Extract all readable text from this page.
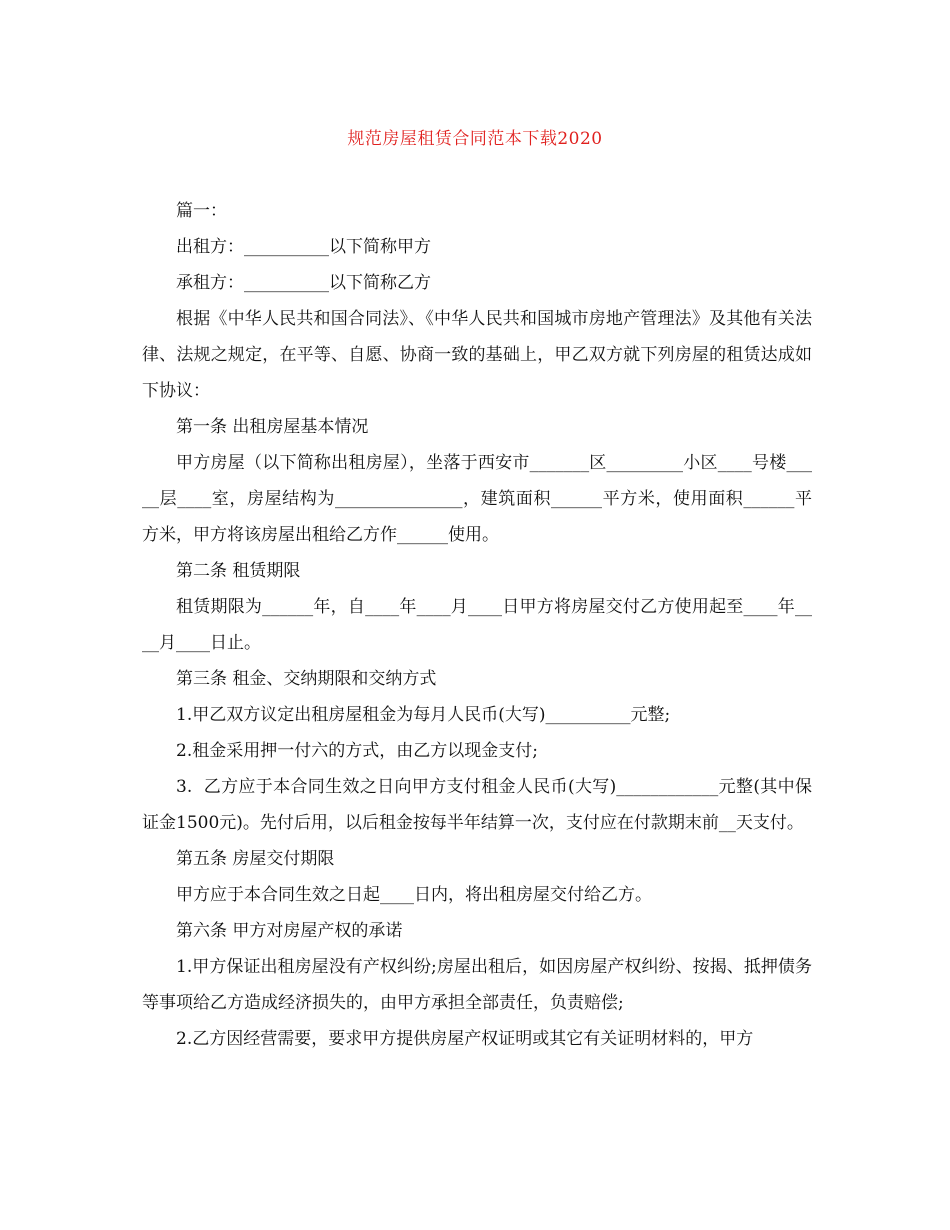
规范房屋租赁合同范本下载2020

篇一：

出租方：__________以下简称甲方

承租方：__________以下简称乙方

根据《中华人民共和国合同法》、《中华人民共和国城市房地产管理法》及其他有关法律、法规之规定，在平等、自愿、协商一致的基础上，甲乙双方就下列房屋的租赁达成如下协议：

第一条 出租房屋基本情况

甲方房屋（以下简称出租房屋），坐落于西安市_______区_________小区____号楼_____层____室，房屋结构为_______________，建筑面积______平方米，使用面积______平方米，甲方将该房屋出租给乙方作______使用。

第二条 租赁期限

租赁期限为______年，自____年____月____日甲方将房屋交付乙方使用起至____年____月____日止。

第三条 租金、交纳期限和交纳方式

1.甲乙双方议定出租房屋租金为每月人民币(大写)__________元整;

2.租金采用押一付六的方式，由乙方以现金支付;

3.  乙方应于本合同生效之日向甲方支付租金人民币(大写)____________元整(其中保证金1500元)。先付后用，以后租金按每半年结算一次，支付应在付款期末前__天支付。

第五条 房屋交付期限

甲方应于本合同生效之日起____日内，将出租房屋交付给乙方。

第六条 甲方对房屋产权的承诺

1.甲方保证出租房屋没有产权纠纷;房屋出租后，如因房屋产权纠纷、按揭、抵押债务等事项给乙方造成经济损失的，由甲方承担全部责任，负责赔偿;

2.乙方因经营需要，要求甲方提供房屋产权证明或其它有关证明材料的，甲方
